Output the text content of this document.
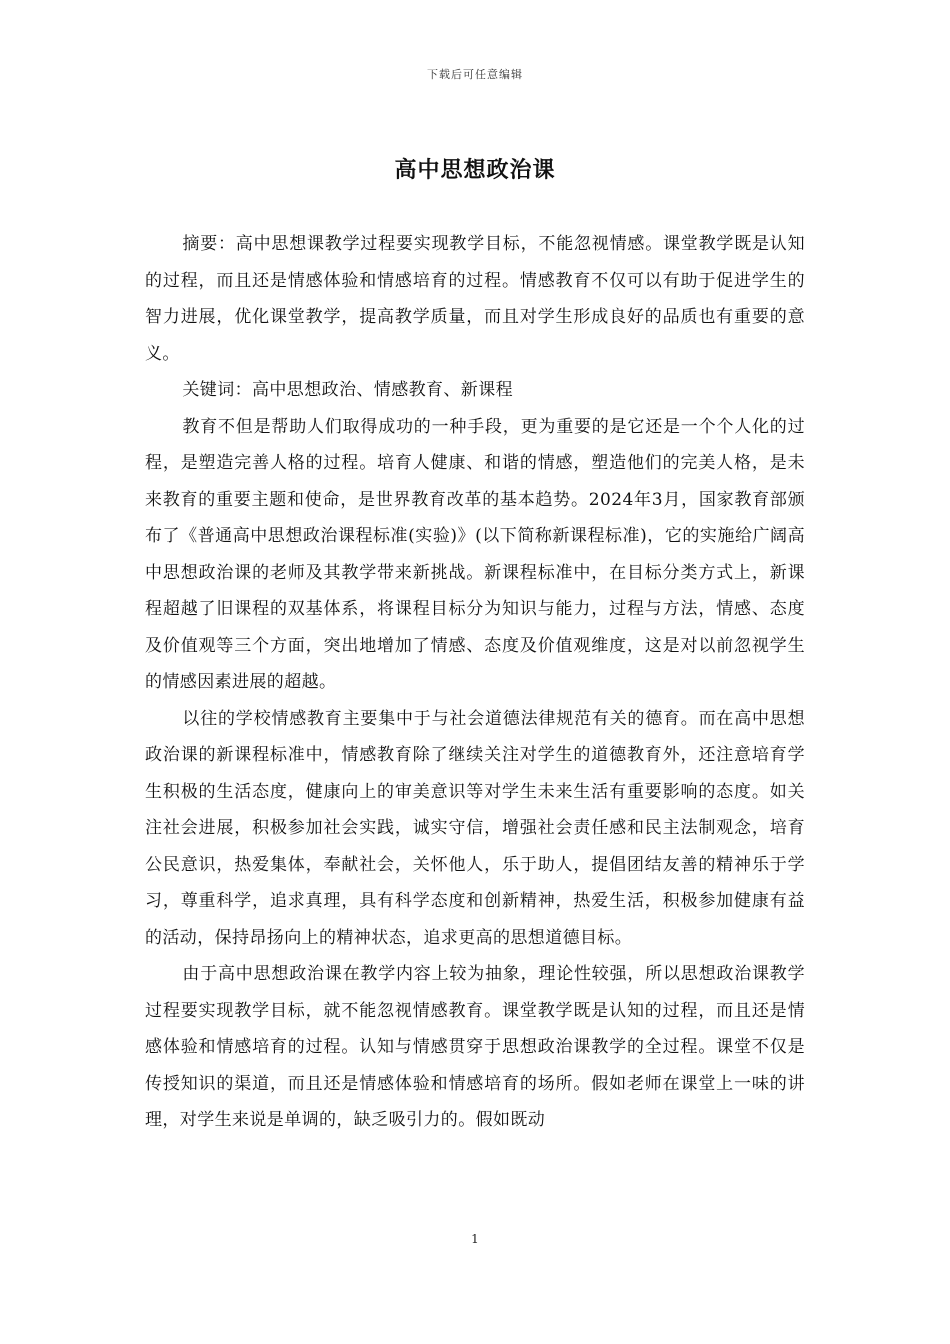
下载后可任意编辑
高中思想政治课

摘要：高中思想课教学过程要实现教学目标，不能忽视情感。课堂教学既是认知的过程，而且还是情感体验和情感培育的过程。情感教育不仅可以有助于促进学生的智力进展，优化课堂教学，提高教学质量，而且对学生形成良好的品质也有重要的意义。

关键词：高中思想政治、情感教育、新课程

教育不但是帮助人们取得成功的一种手段，更为重要的是它还是一个个人化的过程，是塑造完善人格的过程。培育人健康、和谐的情感，塑造他们的完美人格，是未来教育的重要主题和使命，是世界教育改革的基本趋势。2024年3月，国家教育部颁布了《普通高中思想政治课程标准(实验)》(以下简称新课程标准)，它的实施给广阔高中思想政治课的老师及其教学带来新挑战。新课程标准中，在目标分类方式上，新课程超越了旧课程的双基体系，将课程目标分为知识与能力，过程与方法，情感、态度及价值观等三个方面，突出地增加了情感、态度及价值观维度，这是对以前忽视学生的情感因素进展的超越。

以往的学校情感教育主要集中于与社会道德法律规范有关的德育。而在高中思想政治课的新课程标准中，情感教育除了继续关注对学生的道德教育外，还注意培育学生积极的生活态度，健康向上的审美意识等对学生未来生活有重要影响的态度。如关注社会进展，积极参加社会实践，诚实守信，增强社会责任感和民主法制观念，培育公民意识，热爱集体，奉献社会，关怀他人，乐于助人，提倡团结友善的精神乐于学习，尊重科学，追求真理，具有科学态度和创新精神，热爱生活，积极参加健康有益的活动，保持昂扬向上的精神状态，追求更高的思想道德目标。

由于高中思想政治课在教学内容上较为抽象，理论性较强，所以思想政治课教学过程要实现教学目标，就不能忽视情感教育。课堂教学既是认知的过程，而且还是情感体验和情感培育的过程。认知与情感贯穿于思想政治课教学的全过程。课堂不仅是传授知识的渠道，而且还是情感体验和情感培育的场所。假如老师在课堂上一味的讲理，对学生来说是单调的，缺乏吸引力的。假如既动

1
